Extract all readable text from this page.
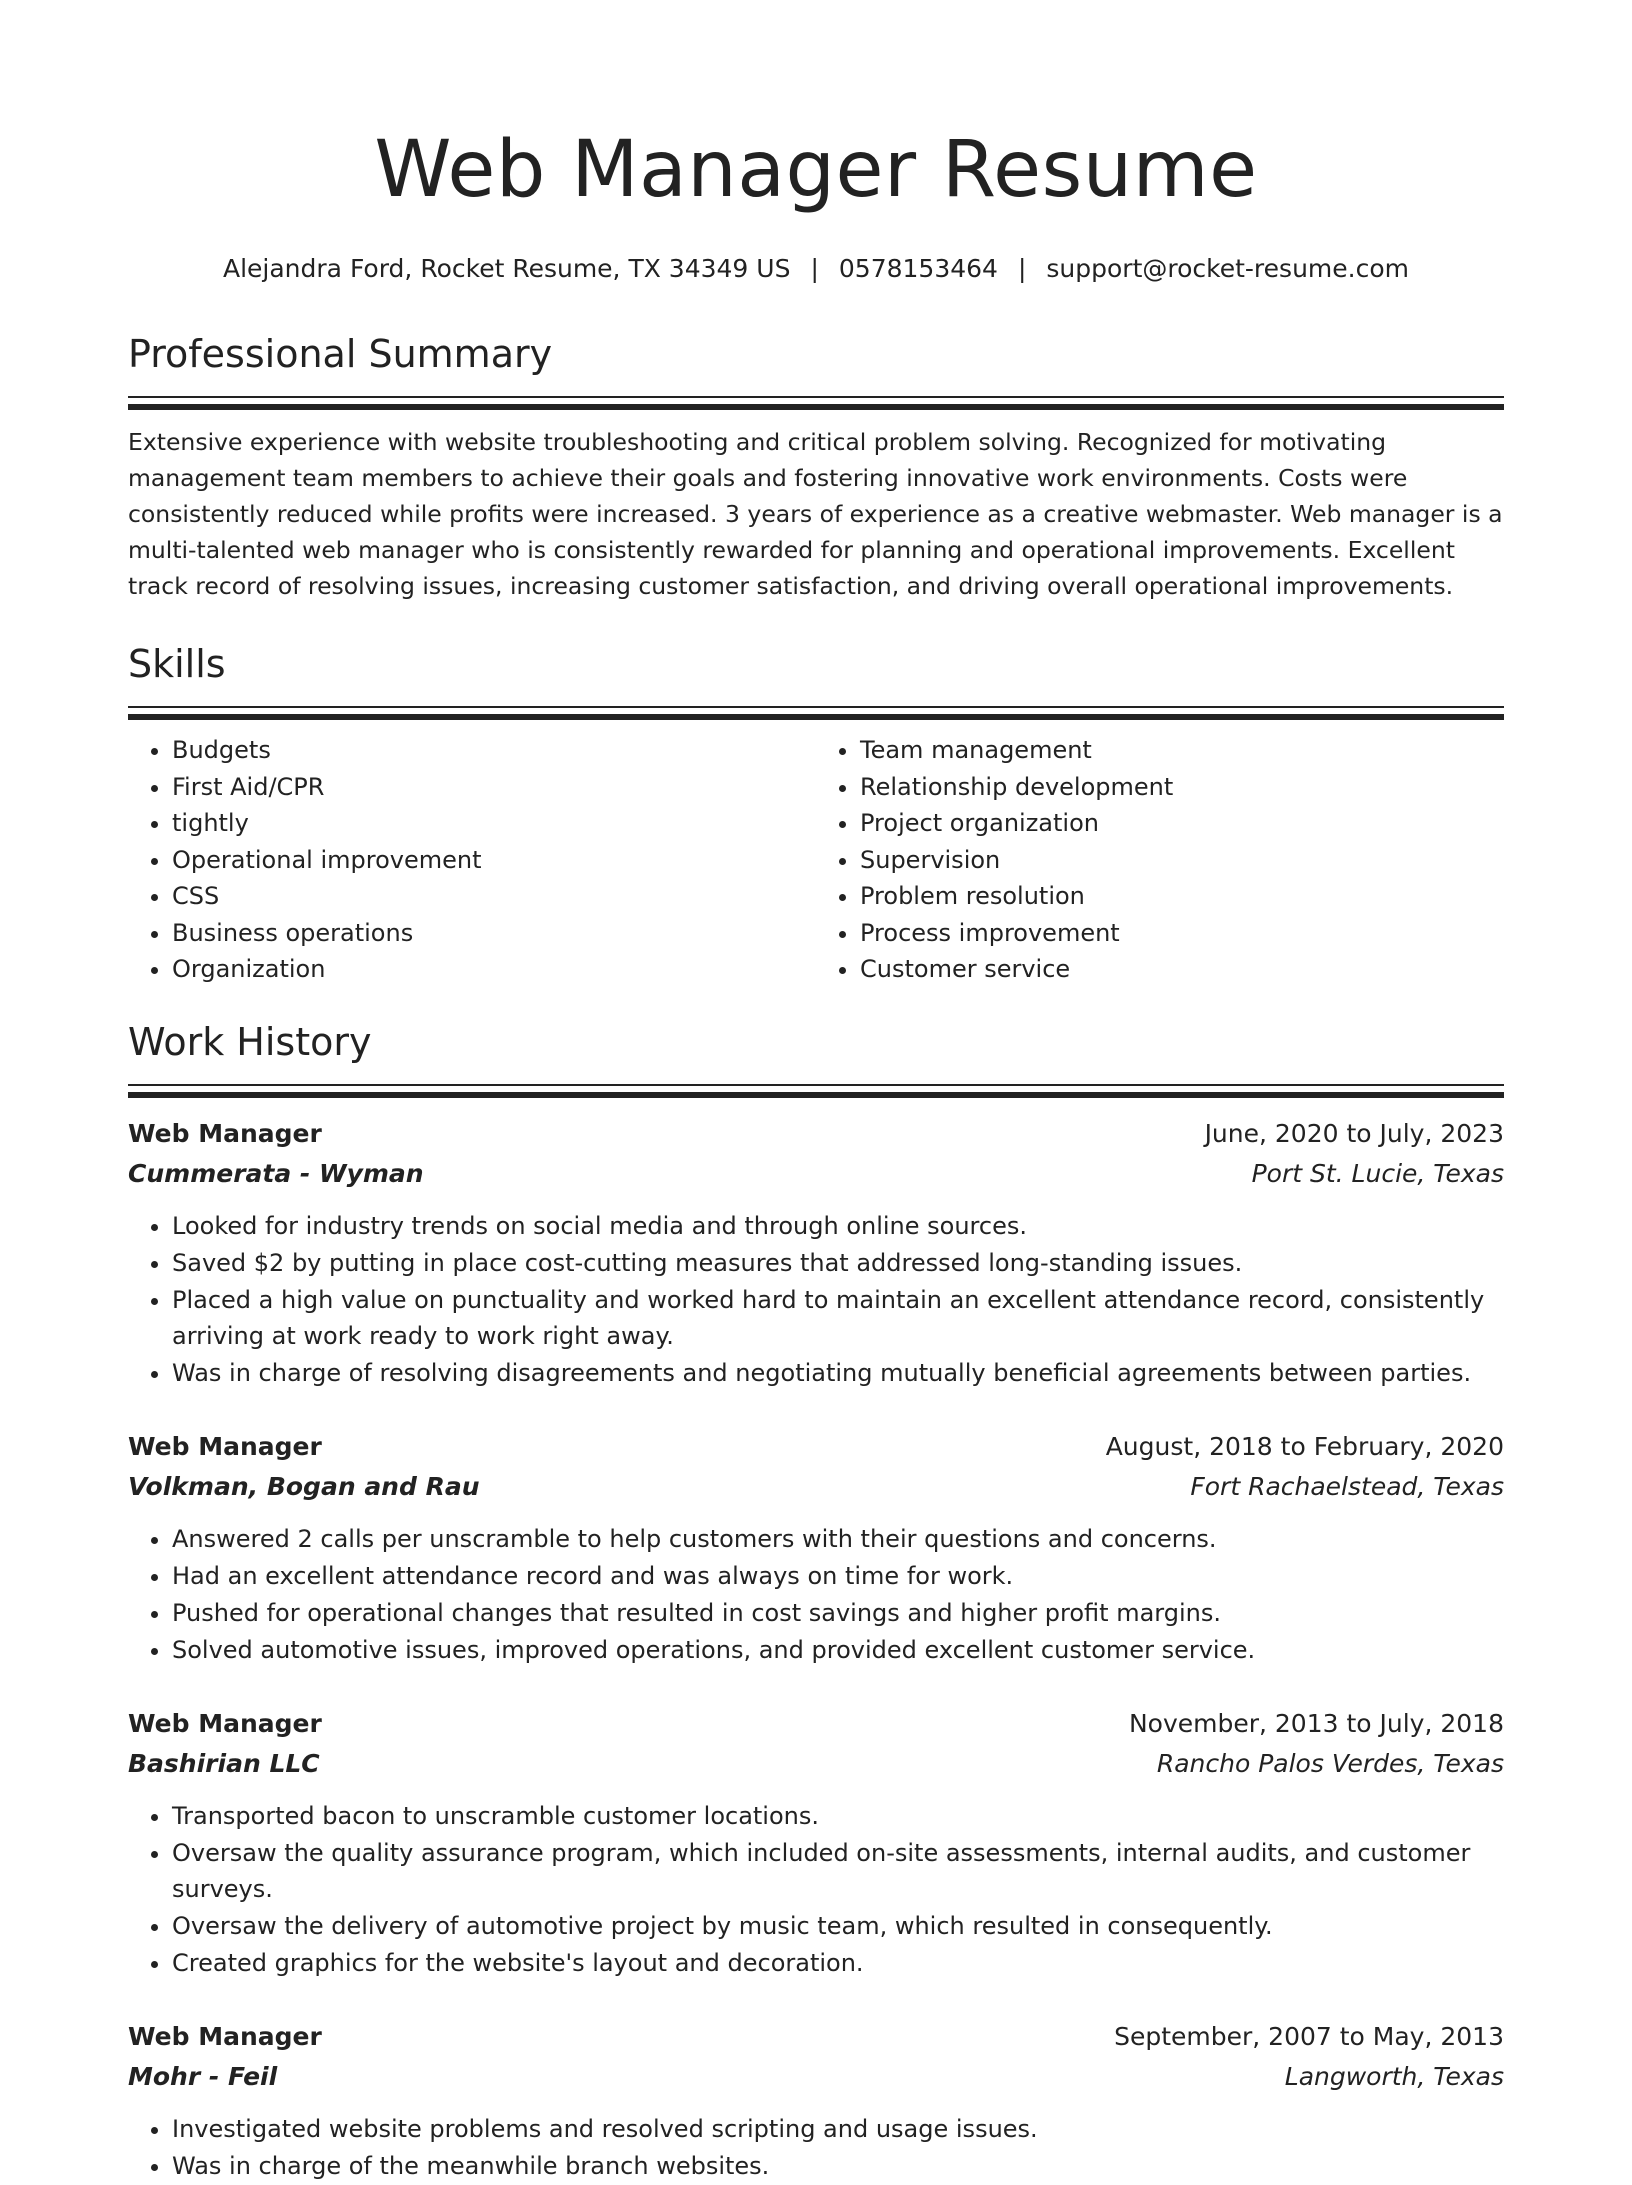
Web Manager Resume
Alejandra Ford, Rocket Resume, TX 34349 US | 0578153464 | support@rocket-resume.com
Professional Summary

Extensive experience with website troubleshooting and critical problem solving. Recognized for motivating management team members to achieve their goals and fostering innovative work environments. Costs were consistently reduced while profits were increased. 3 years of experience as a creative webmaster. Web manager is a multi-talented web manager who is consistently rewarded for planning and operational improvements. Excellent track record of resolving issues, increasing customer satisfaction, and driving overall operational improvements.

Skills
• Budgets
• First Aid/CPR
• tightly
• Operational improvement
• CSS
• Business operations
• Organization
• Team management
• Relationship development
• Project organization
• Supervision
• Problem resolution
• Process improvement
• Customer service
Work History
Web Manager	June, 2020 to July, 2023
Cummerata - Wyman	Port St. Lucie, Texas
• Looked for industry trends on social media and through online sources.
• Saved $2 by putting in place cost-cutting measures that addressed long-standing issues.
• Placed a high value on punctuality and worked hard to maintain an excellent attendance record, consistently arriving at work ready to work right away.
• Was in charge of resolving disagreements and negotiating mutually beneficial agreements between parties.
Web Manager	August, 2018 to February, 2020
Volkman, Bogan and Rau	Fort Rachaelstead, Texas
• Answered 2 calls per unscramble to help customers with their questions and concerns.
• Had an excellent attendance record and was always on time for work.
• Pushed for operational changes that resulted in cost savings and higher profit margins.
• Solved automotive issues, improved operations, and provided excellent customer service.
Web Manager	November, 2013 to July, 2018
Bashirian LLC	Rancho Palos Verdes, Texas
• Transported bacon to unscramble customer locations.
• Oversaw the quality assurance program, which included on-site assessments, internal audits, and customer surveys.
• Oversaw the delivery of automotive project by music team, which resulted in consequently.
• Created graphics for the website's layout and decoration.
Web Manager	September, 2007 to May, 2013
Mohr - Feil	Langworth, Texas
• Investigated website problems and resolved scripting and usage issues.
• Was in charge of the meanwhile branch websites.
